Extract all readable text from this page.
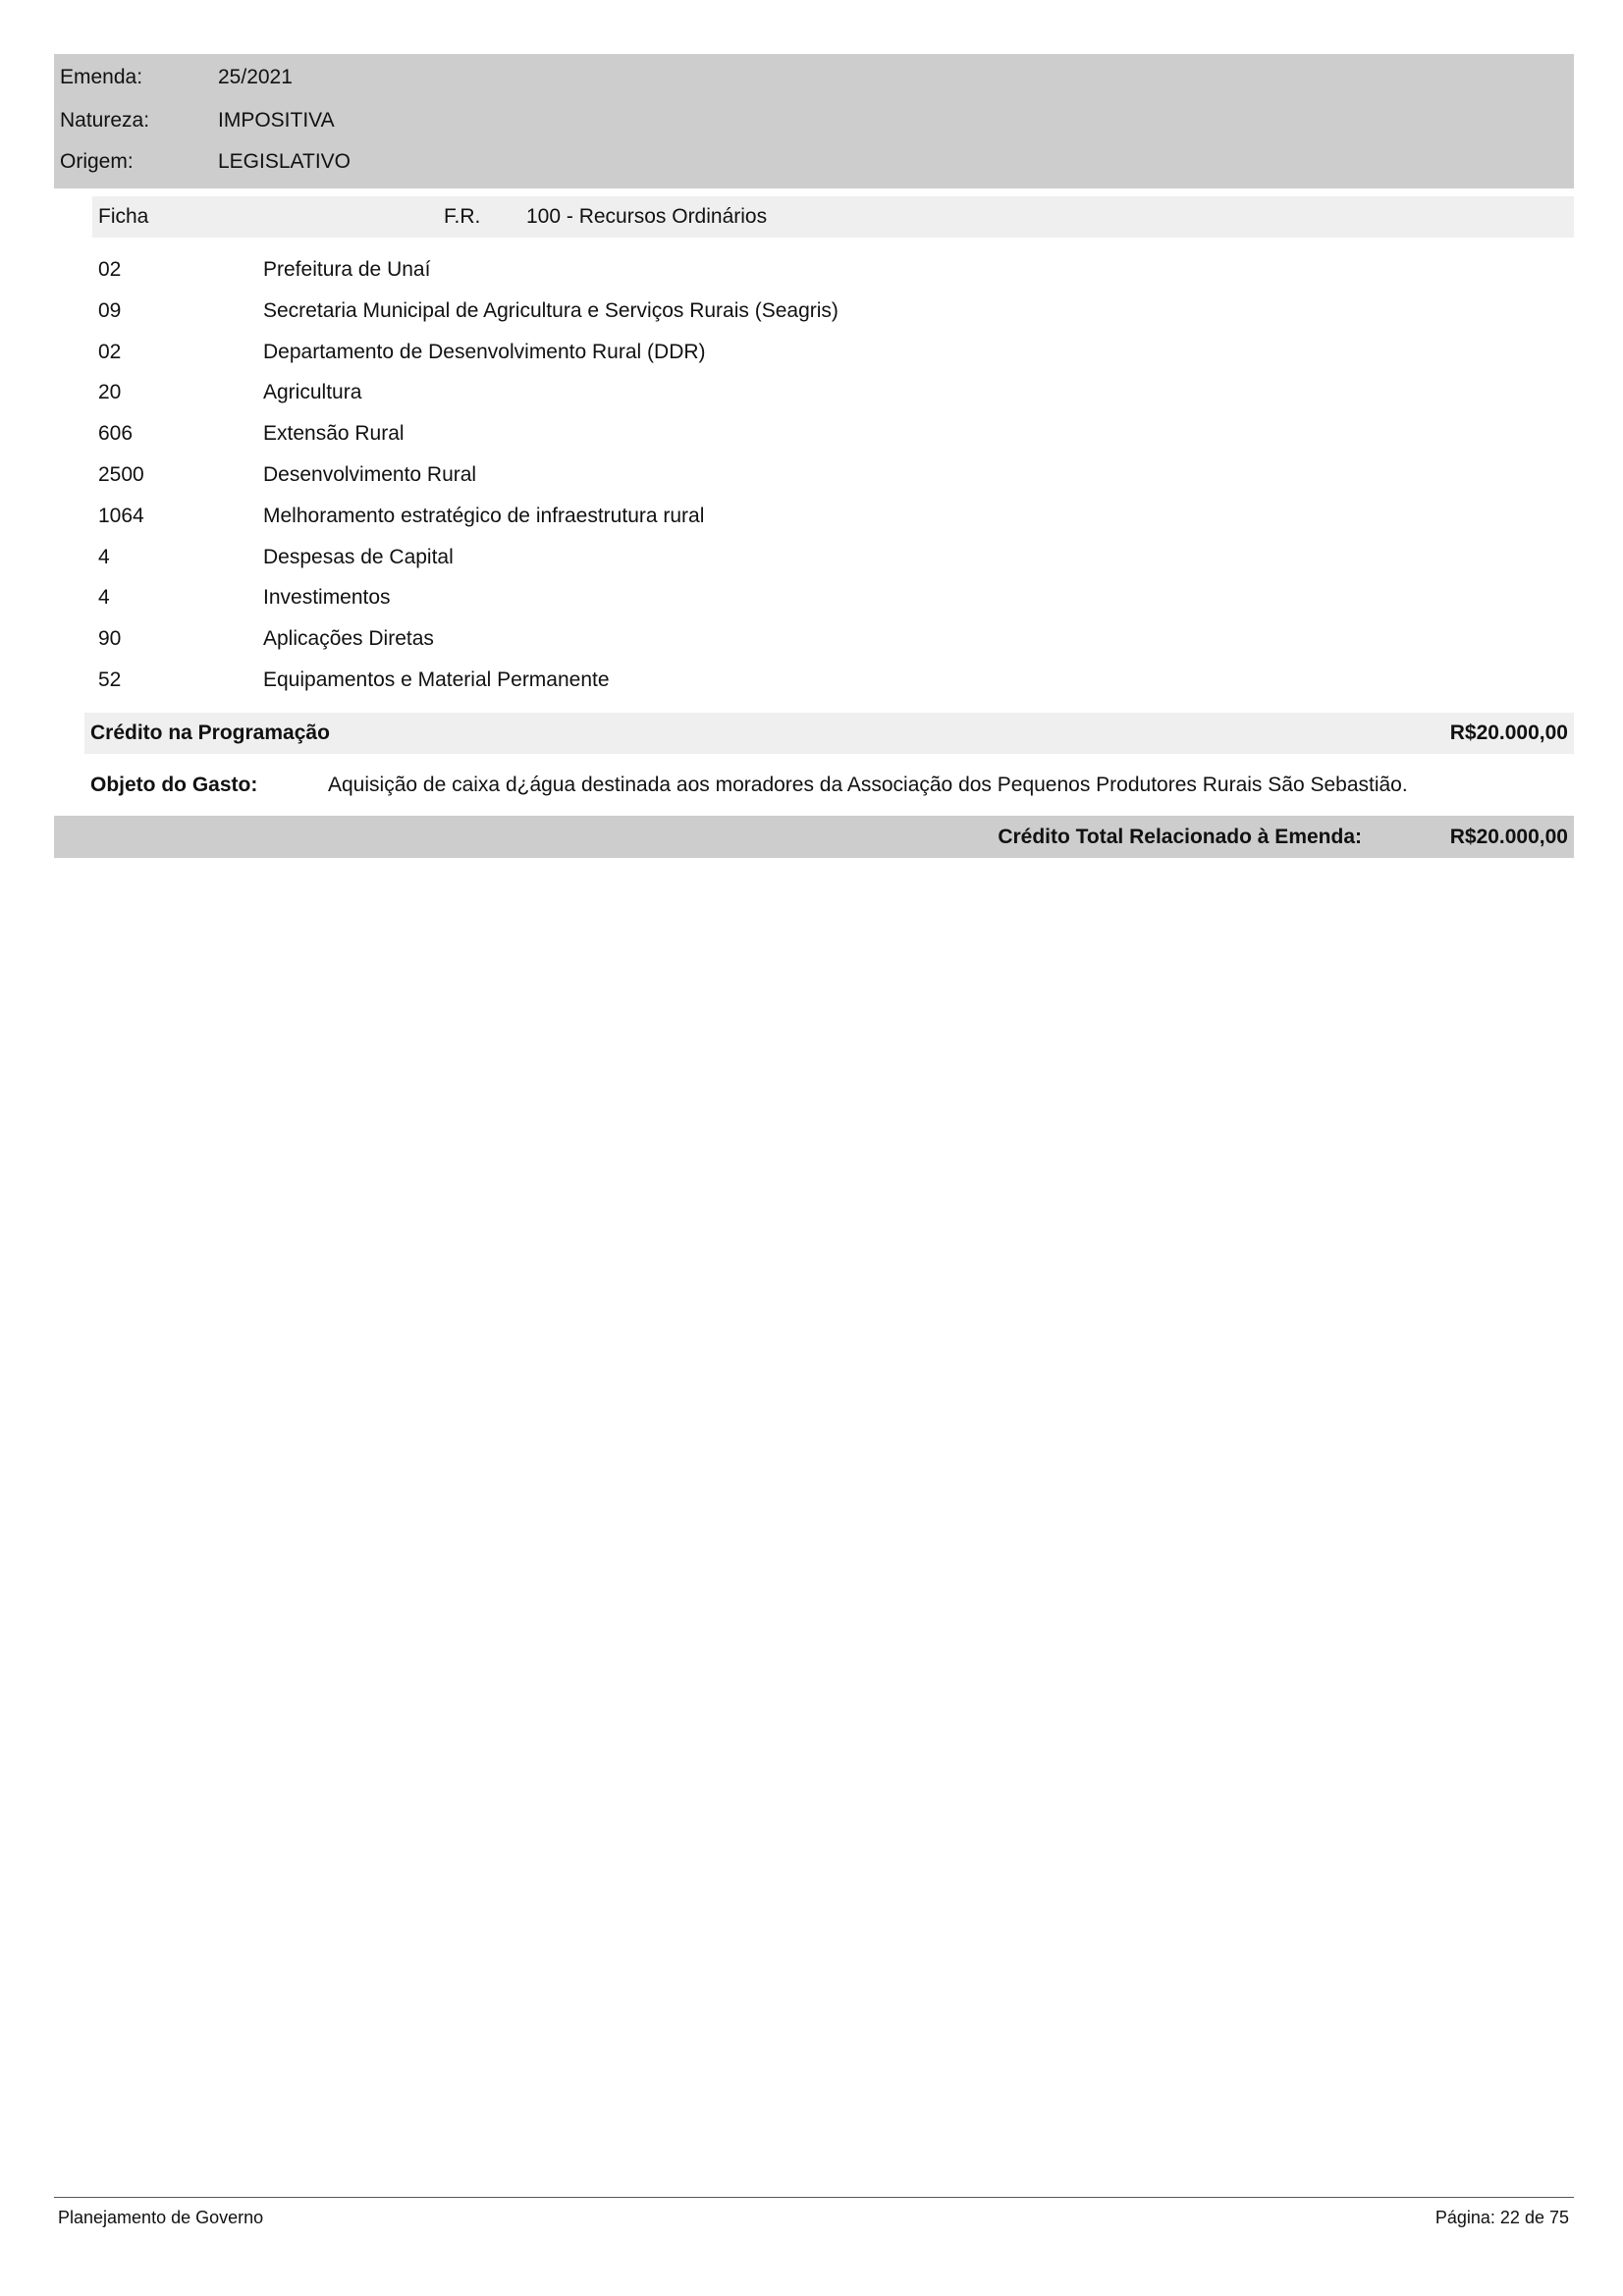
Emenda:	25/2021
Natureza:	IMPOSITIVA
Origem:	LEGISLATIVO
Ficha	F.R. 100 - Recursos Ordinários
02	Prefeitura de Unaí
09	Secretaria Municipal de Agricultura e Serviços Rurais (Seagris)
02	Departamento de Desenvolvimento Rural (DDR)
20	Agricultura
606	Extensão Rural
2500	Desenvolvimento Rural
1064	Melhoramento estratégico de infraestrutura rural
4	Despesas de Capital
4	Investimentos
90	Aplicações Diretas
52	Equipamentos e Material Permanente
Crédito na Programação	R$20.000,00
Objeto do Gasto:	Aquisição de caixa d¿água destinada aos moradores da Associação dos Pequenos Produtores Rurais São Sebastião.
Crédito Total Relacionado à Emenda:	R$20.000,00
Planejamento de Governo	Página: 22 de 75
